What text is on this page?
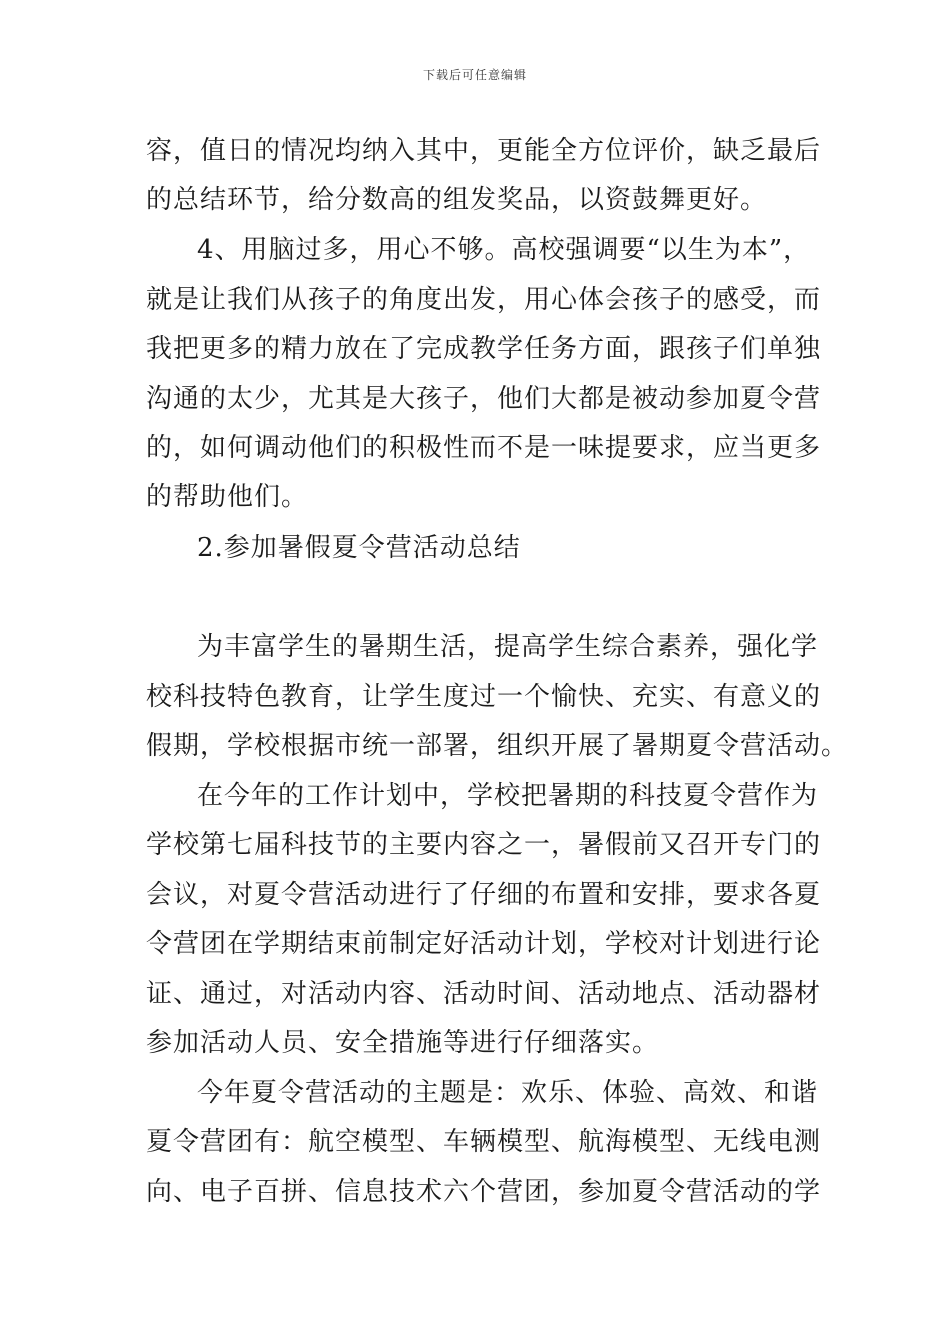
下载后可任意编辑
容，值日的情况均纳入其中，更能全方位评价，缺乏最后
的总结环节，给分数高的组发奖品，以资鼓舞更好。
4、用脑过多，用心不够。高校强调要“以生为本”，
就是让我们从孩子的角度出发，用心体会孩子的感受，而
我把更多的精力放在了完成教学任务方面，跟孩子们单独
沟通的太少，尤其是大孩子，他们大都是被动参加夏令营
的，如何调动他们的积极性而不是一味提要求，应当更多
的帮助他们。
2.参加暑假夏令营活动总结
为丰富学生的暑期生活，提高学生综合素养，强化学
校科技特色教育，让学生度过一个愉快、充实、有意义的
假期，学校根据市统一部署，组织开展了暑期夏令营活动。
在今年的工作计划中，学校把暑期的科技夏令营作为
学校第七届科技节的主要内容之一，暑假前又召开专门的
会议，对夏令营活动进行了仔细的布置和安排，要求各夏
令营团在学期结束前制定好活动计划，学校对计划进行论
证、通过，对活动内容、活动时间、活动地点、活动器材
参加活动人员、安全措施等进行仔细落实。
今年夏令营活动的主题是：欢乐、体验、高效、和谐
夏令营团有：航空模型、车辆模型、航海模型、无线电测
向、电子百拼、信息技术六个营团，参加夏令营活动的学
